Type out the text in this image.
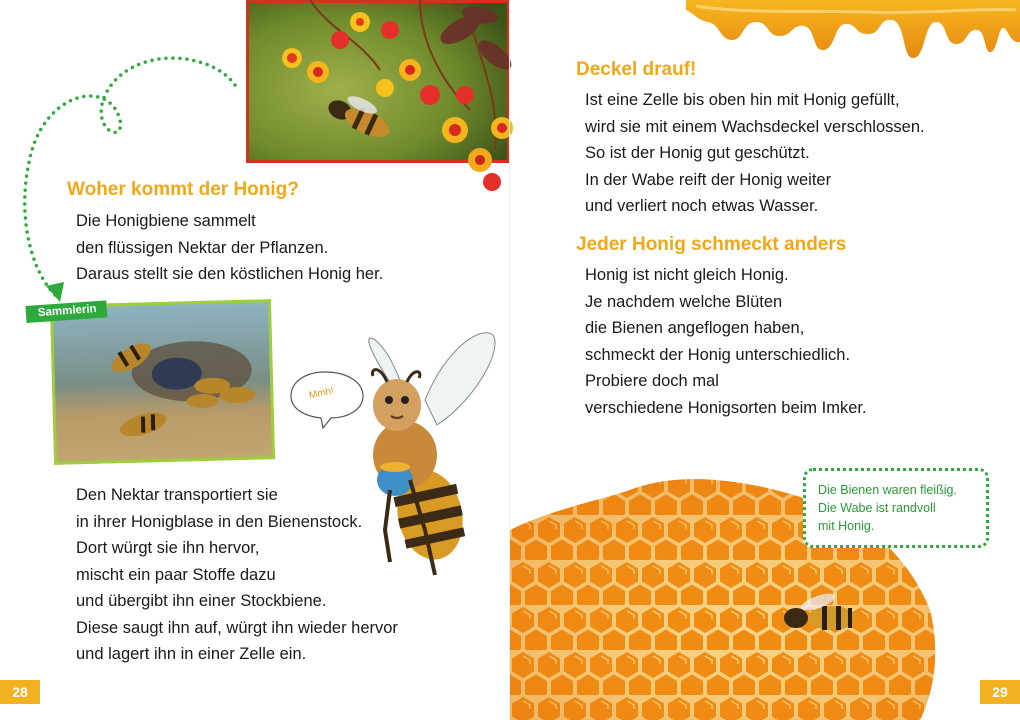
Woher kommt der Honig?
Die Honigbiene sammelt
den flüssigen Nektar der Pflanzen.
Daraus stellt sie den köstlichen Honig her.
Sammlerin
Mmh!
Den Nektar transportiert sie
in ihrer Honigblase in den Bienenstock.
Dort würgt sie ihn hervor,
mischt ein paar Stoffe dazu
und übergibt ihn einer Stockbiene.
Diese saugt ihn auf, würgt ihn wieder hervor
und lagert ihn in einer Zelle ein.
28
Deckel drauf!
Ist eine Zelle bis oben hin mit Honig gefüllt,
wird sie mit einem Wachsdeckel verschlossen.
So ist der Honig gut geschützt.
In der Wabe reift der Honig weiter
und verliert noch etwas Wasser.
Jeder Honig schmeckt anders
Honig ist nicht gleich Honig.
Je nachdem welche Blüten
die Bienen angeflogen haben,
schmeckt der Honig unterschiedlich.
Probiere doch mal
verschiedene Honigsorten beim Imker.
Die Bienen waren fleißig.
Die Wabe ist randvoll
mit Honig.
29
